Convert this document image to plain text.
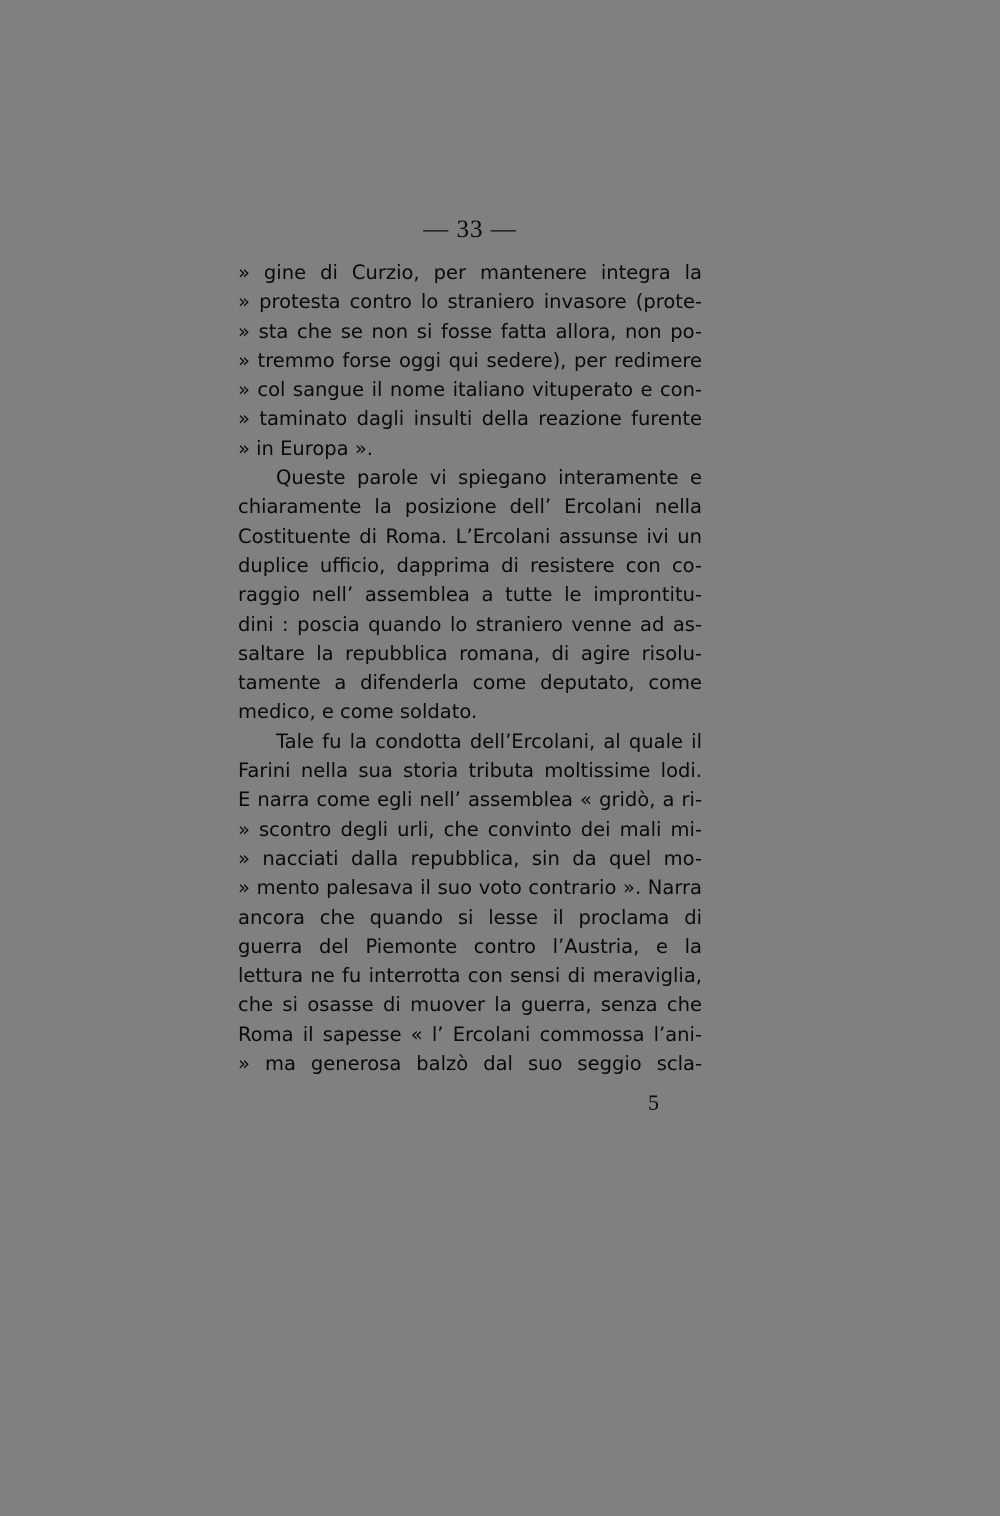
— 33 —
» gine di Curzio, per mantenere integra la
» protesta contro lo straniero invasore (prote-
» sta che se non si fosse fatta allora, non po-
» tremmo forse oggi qui sedere), per redimere
» col sangue il nome italiano vituperato e con-
» taminato dagli insulti della reazione furente
» in Europa ».
Queste parole vi spiegano interamente e
chiaramente la posizione dell’ Ercolani nella
Costituente di Roma. L’Ercolani assunse ivi un
duplice ufficio, dapprima di resistere con co-
raggio nell’ assemblea a tutte le improntitu-
dini : poscia quando lo straniero venne ad as-
saltare la repubblica romana, di agire risolu-
tamente a difenderla come deputato, come
medico, e come soldato.
Tale fu la condotta dell’Ercolani, al quale il
Farini nella sua storia tributa moltissime lodi.
E narra come egli nell’ assemblea « gridò, a ri-
» scontro degli urli, che convinto dei mali mi-
» nacciati dalla repubblica, sin da quel mo-
» mento palesava il suo voto contrario ». Narra
ancora che quando si lesse il proclama di
guerra del Piemonte contro l’Austria, e la
lettura ne fu interrotta con sensi di meraviglia,
che si osasse di muover la guerra, senza che
Roma il sapesse « l’ Ercolani commossa l’ani-
» ma generosa balzò dal suo seggio scla-
5
